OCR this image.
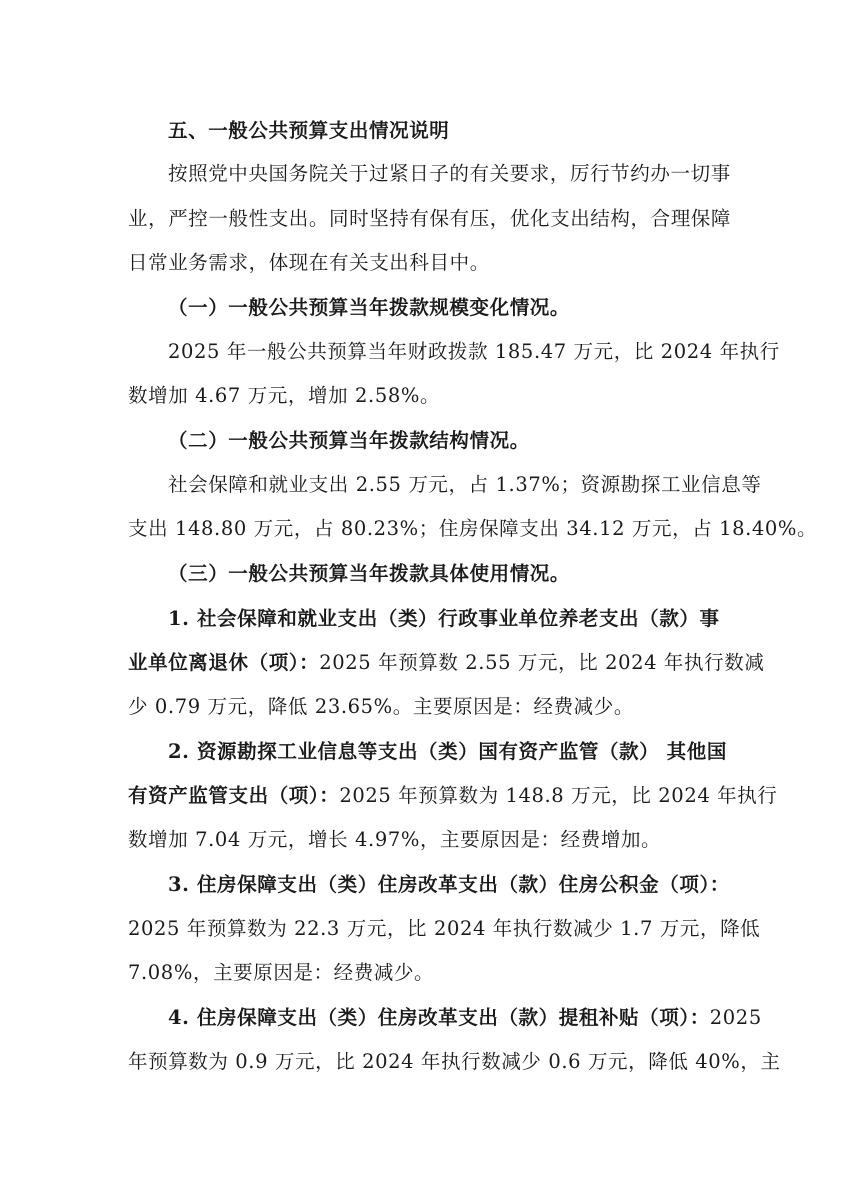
五、一般公共预算支出情况说明
按照党中央国务院关于过紧日子的有关要求，厉行节约办一切事
业，严控一般性支出。同时坚持有保有压，优化支出结构，合理保障
日常业务需求，体现在有关支出科目中。
（一）一般公共预算当年拨款规模变化情况。
2025 年一般公共预算当年财政拨款 185.47 万元，比 2024 年执行
数增加 4.67 万元，增加 2.58%。
（二）一般公共预算当年拨款结构情况。
社会保障和就业支出 2.55 万元，占 1.37%；资源勘探工业信息等
支出 148.80 万元，占 80.23%；住房保障支出 34.12 万元，占 18.40%。
（三）一般公共预算当年拨款具体使用情况。
1. 社会保障和就业支出（类）行政事业单位养老支出（款）事
业单位离退休（项）：2025 年预算数 2.55 万元，比 2024 年执行数减
少 0.79 万元，降低 23.65%。主要原因是：经费减少。
2. 资源勘探工业信息等支出（类）国有资产监管（款） 其他国
有资产监管支出（项）：2025 年预算数为 148.8 万元，比 2024 年执行
数增加 7.04 万元，增长 4.97%，主要原因是：经费增加。
3. 住房保障支出（类）住房改革支出（款）住房公积金（项）：
2025 年预算数为 22.3 万元，比 2024 年执行数减少 1.7 万元，降低
7.08%，主要原因是：经费减少。
4. 住房保障支出（类）住房改革支出（款）提租补贴（项）：2025
年预算数为 0.9 万元，比 2024 年执行数减少 0.6 万元，降低 40%，主
